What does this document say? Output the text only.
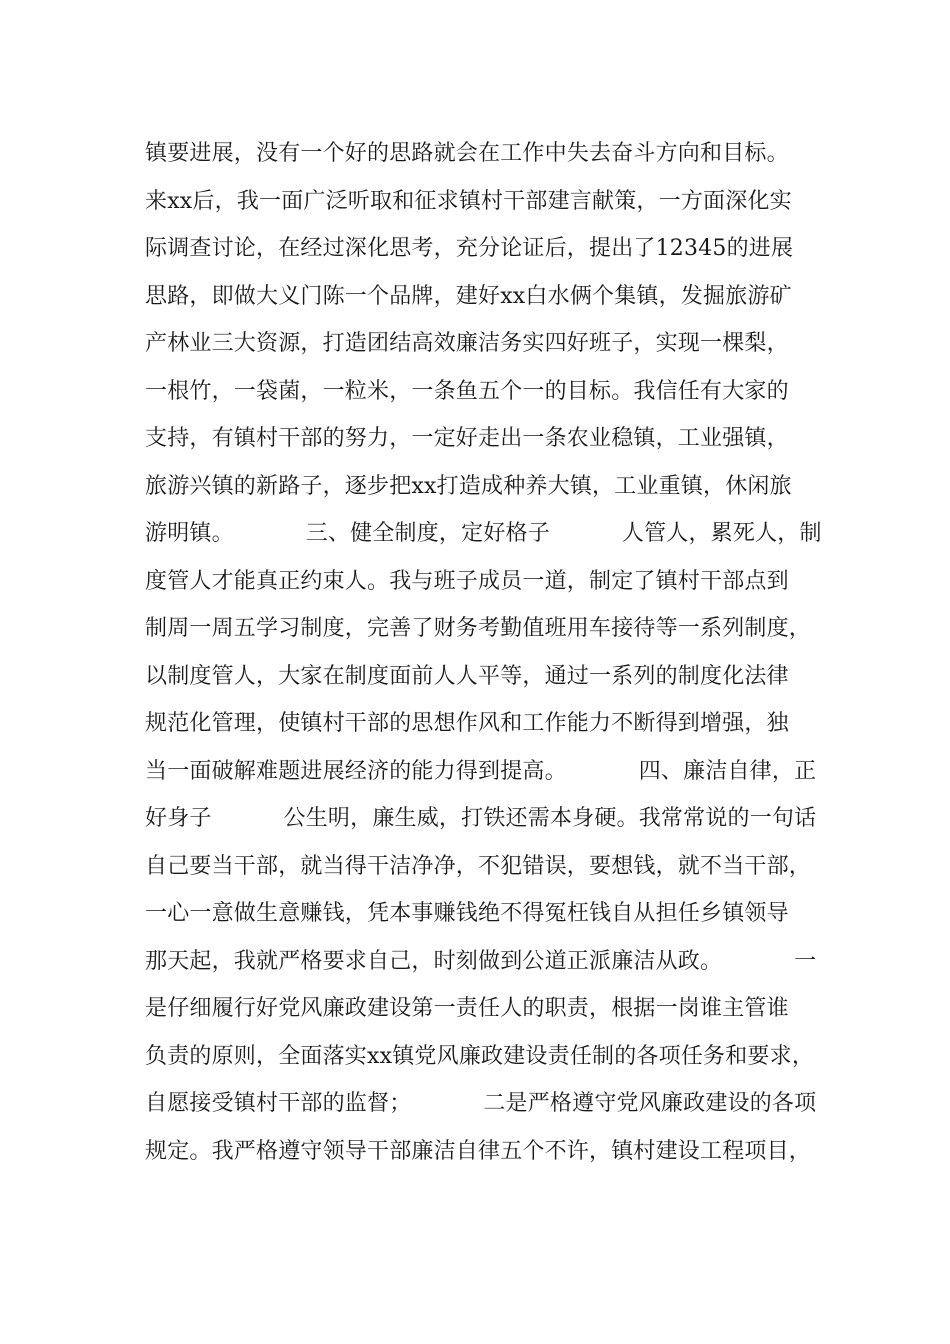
镇要进展，没有一个好的思路就会在工作中失去奋斗方向和目标。
来xx后，我一面广泛听取和征求镇村干部建言献策，一方面深化实
际调查讨论，在经过深化思考，充分论证后，提出了12345的进展
思路，即做大义门陈一个品牌，建好xx白水俩个集镇，发掘旅游矿
产林业三大资源，打造团结高效廉洁务实四好班子，实现一棵梨，
一根竹，一袋菌，一粒米，一条鱼五个一的目标。我信任有大家的
支持，有镇村干部的努力，一定好走出一条农业稳镇，工业强镇，
旅游兴镇的新路子，逐步把xx打造成种养大镇，工业重镇，休闲旅
游明镇。          三、健全制度，定好格子          人管人，累死人，制
度管人才能真正约束人。我与班子成员一道，制定了镇村干部点到
制周一周五学习制度，完善了财务考勤值班用车接待等一系列制度，
以制度管人，大家在制度面前人人平等，通过一系列的制度化法律
规范化管理，使镇村干部的思想作风和工作能力不断得到增强，独
当一面破解难题进展经济的能力得到提高。          四、廉洁自律，正
好身子          公生明，廉生威，打铁还需本身硬。我常常说的一句话
自己要当干部，就当得干洁净净，不犯错误，要想钱，就不当干部，
一心一意做生意赚钱，凭本事赚钱绝不得冤枉钱自从担任乡镇领导
那天起，我就严格要求自己，时刻做到公道正派廉洁从政。          一
是仔细履行好党风廉政建设第一责任人的职责，根据一岗谁主管谁
负责的原则，全面落实xx镇党风廉政建设责任制的各项任务和要求，
自愿接受镇村干部的监督；          二是严格遵守党风廉政建设的各项
规定。我严格遵守领导干部廉洁自律五个不许，镇村建设工程项目，
